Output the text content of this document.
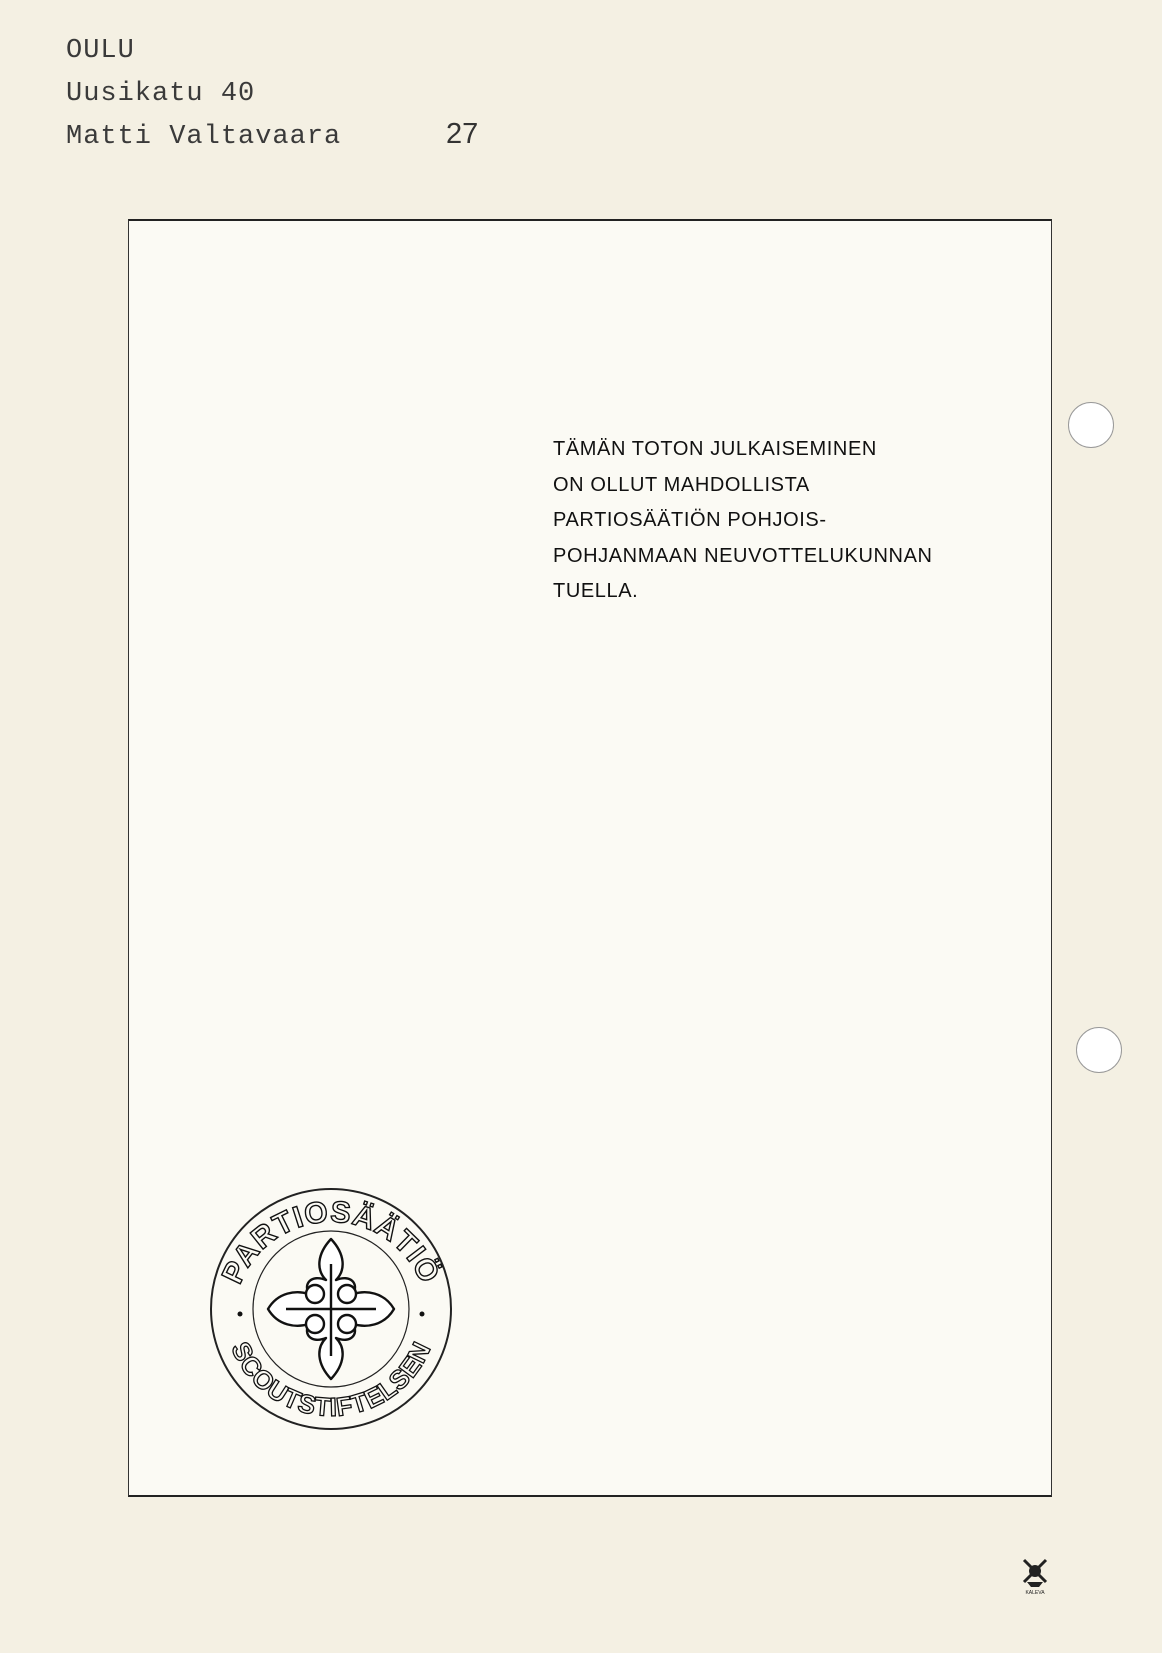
OULU
Uusikatu 40
Matti Valtavaara	27
TÄMÄN TOTON JULKAISEMINEN
ON OLLUT MAHDOLLISTA
PARTIOSÄÄTIÖN POHJOIS-
POHJANMAAN NEUVOTTELUKUNNAN
TUELLA.
PARTIOSÄÄTIÖ
SCOUTSTIFTELSEN
KALEVA
